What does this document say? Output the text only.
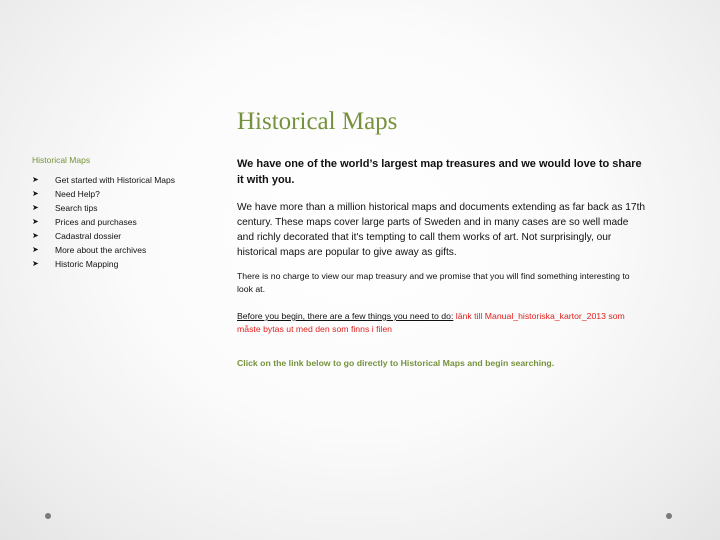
Historical Maps

Historical Maps

➤ Get started with Historical Maps
➤ Need Help?
➤ Search tips
➤ Prices and purchases
➤ Cadastral dossier
➤ More about the archives
➤ Historic Mapping

We have one of the world’s largest map treasures and we would love to share it with you.

We have more than a million historical maps and documents extending as far back as 17th century. These maps cover large parts of Sweden and in many cases are so well made and richly decorated that it's tempting to call them works of art. Not surprisingly, our historical maps are popular to give away as gifts.

There is no charge to view our map treasury and we promise that you will find something interesting to look at.

Before you begin, there are a few things you need to do: länk till Manual_historiska_kartor_2013 som måste bytas ut med den som finns i filen

Click on the link below to go directly to Historical Maps and begin searching.
